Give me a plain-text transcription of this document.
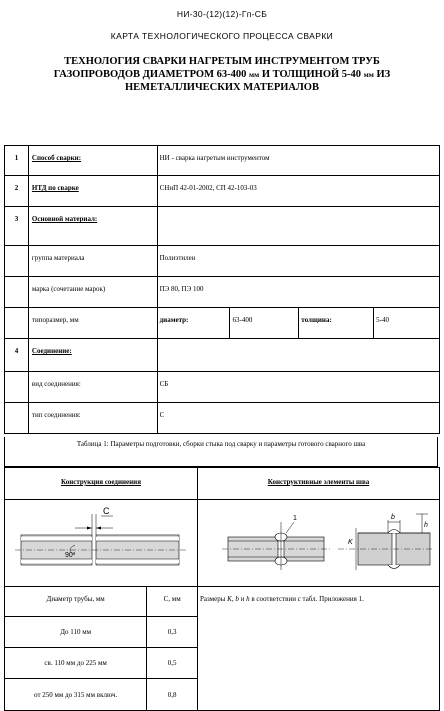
НИ-30-(12)(12)-Гп-СБ
КАРТА ТЕХНОЛОГИЧЕСКОГО ПРОЦЕССА СВАРКИ
ТЕХНОЛОГИЯ СВАРКИ НАГРЕТЫМ ИНСТРУМЕНТОМ ТРУБ
ГАЗОПРОВОДОВ ДИАМЕТРОМ 63-400 мм И ТОЛЩИНОЙ 5-40 мм ИЗ
НЕМЕТАЛЛИЧЕСКИХ МАТЕРИАЛОВ
1	Способ сварки:	НИ - сварка нагретым инструментом			
2	НТД по сварке	СНиП 42-01-2002, СП 42-103-03			
3	Основной материал:				
	группа материала	Полиэтилен			
	марка (сочетание марок)	ПЭ 80, ПЭ 100			
	типоразмер, мм	диаметр:	63-400	толщина:	5-40
4	Соединение:				
	вид соединения:	СБ			
	тип соединения:	С			
Таблица 1: Параметры подготовки, сборки стыка под сварку и параметры готового сварного шва
Конструкция соединения		Конструктивные элементы шва

С
90°		1
K
b
h

Диаметр трубы, мм	С, мм	Размеры K, b и h в соответствии с табл. Приложения 1.
До 110 мм	0,3	
св. 110 мм до 225 мм	0,5	
от 250 мм до 315 мм включ.	0,8	
